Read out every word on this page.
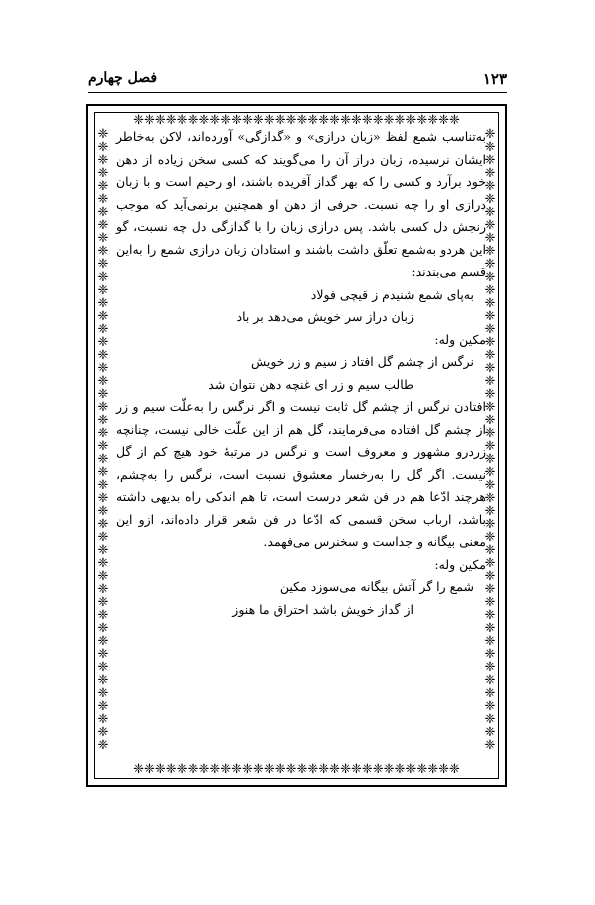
۱۲۳
فصل چهارم
❈❈❈❈❈❈❈❈❈❈❈❈❈❈❈❈❈❈❈❈❈❈❈❈❈❈❈❈❈❈
❈❈❈❈❈❈❈❈❈❈❈❈❈❈❈❈❈❈❈❈❈❈❈❈❈❈❈❈❈❈
❈❈❈❈❈❈❈❈❈❈❈❈❈❈❈❈❈❈❈❈❈❈❈❈❈❈❈❈❈❈❈❈❈❈❈❈❈❈❈❈❈❈❈❈❈❈❈❈
❈❈❈❈❈❈❈❈❈❈❈❈❈❈❈❈❈❈❈❈❈❈❈❈❈❈❈❈❈❈❈❈❈❈❈❈❈❈❈❈❈❈❈❈❈❈❈❈

به‌تناسب شمع لفظ «زبان درازی» و «گدازگی» آورده‌اند، لاکن به‌خاطر ایشان نرسیده، زبان دراز آن را می‌گویند که کسی سخن زیاده از دهن خود برآرد و کسی را که بهر گداز آفریده باشند، او رحیم است و با زبان درازی او را چه نسبت. حرفی از دهن او همچنین برنمی‌آید که موجب رنجش دل کسی باشد. پس درازی زبان را با گدازگی دل چه نسبت، گو این هردو به‌شمع تعلّق داشت باشند و استادان زبان درازی شمع را به‌این قسم می‌بندند:

به‌پای شمع شنیدم ز قیچی فولاد

زبان دراز سر خویش می‌دهد بر باد

مکین وله:

نرگس از چشم گل افتاد ز سیم و زر خویش

طالب سیم و زر ای غنچه دهن نتوان شد

افتادن نرگس از چشم گل ثابت نیست و اگر نرگس را به‌علّت سیم و زر از چشم گل افتاده می‌فرمایند، گل هم از این علّت خالی نیست، چنانچه زردرو مشهور و معروف است و نرگس در مرتبهٔ خود هیچ کم از گل نیست. اگر گل را به‌رخسار معشوق نسبت است، نرگس را به‌چشم، هرچند ادّعا هم در فن شعر درست است، تا هم اندکی راه بدیهی داشته باشد، ارباب سخن قسمی که ادّعا در فن شعر قرار داده‌اند، ازو این معنی بیگانه و جداست و سخنرس می‌فهمد.

مکین وله:

شمع را گر آتش بیگانه می‌سوزد مکین

از گداز خویش باشد احتراق ما هنوز
